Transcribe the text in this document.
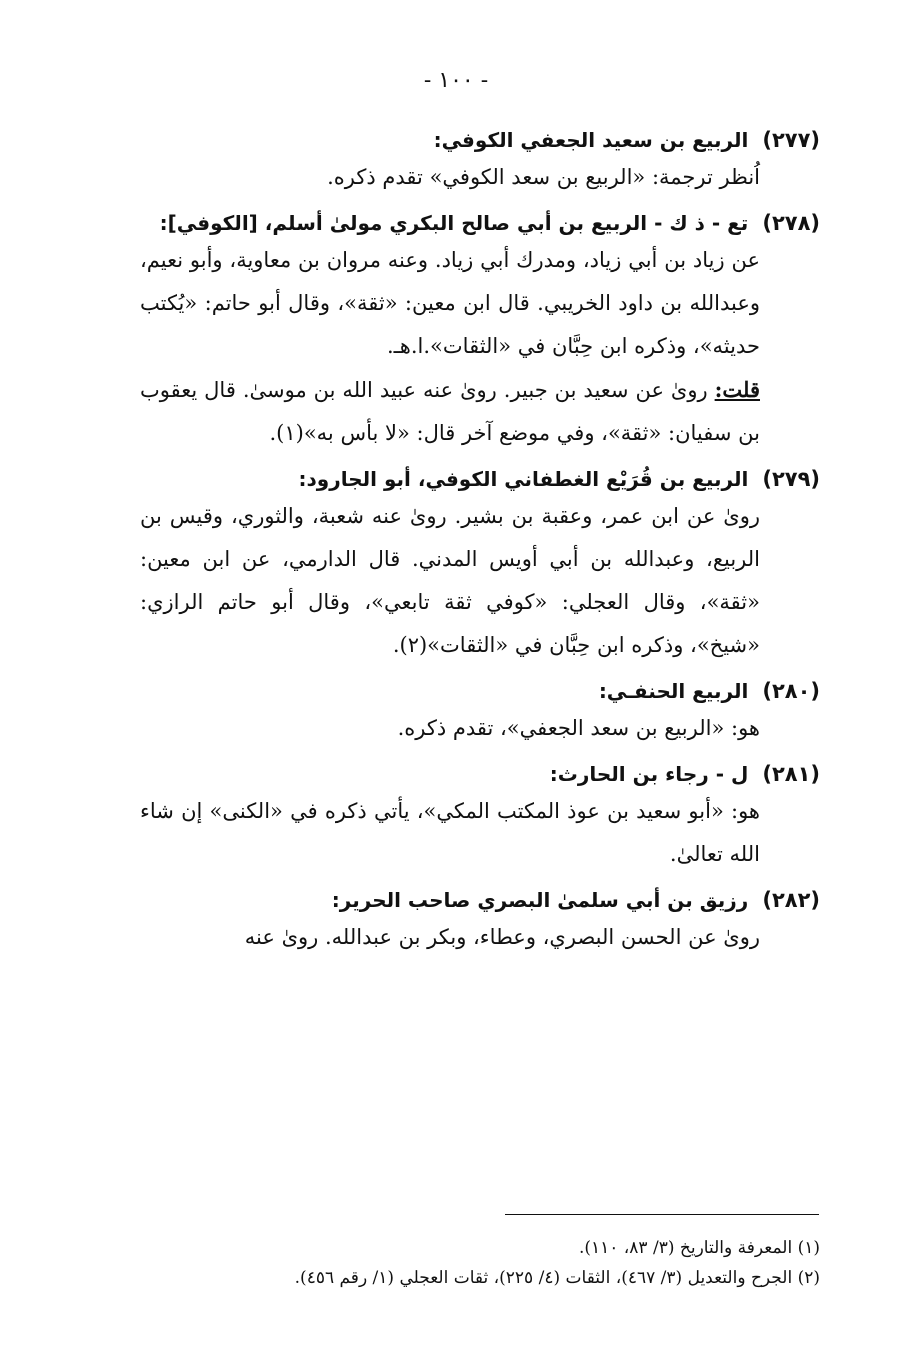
- ١٠٠ -
(٢٧٧)
الربيع بن سعيد الجعفي الكوفي:
اُنظر ترجمة: «الربيع بن سعد الكوفي» تقدم ذكره.
(٢٧٨)
تع - ذ ك - الربيع بن أبي صالح البكري مولىٰ أسلم، [الكوفي]:
عن زياد بن أبي زياد، ومدرك أبي زياد. وعنه مروان بن معاوية، وأبو نعيم، وعبدالله بن داود الخريبي. قال ابن معين: «ثقة»، وقال أبو حاتم: «يُكتب حديثه»، وذكره ابن حِبَّان في «الثقات».ا.هـ.
قلت: روىٰ عن سعيد بن جبير. روىٰ عنه عبيد الله بن موسىٰ. قال يعقوب بن سفيان: «ثقة»، وفي موضع آخر قال: «لا بأس به»(١).
(٢٧٩)
الربيع بن قُرَيْع الغطفاني الكوفي، أبو الجارود:
روىٰ عن ابن عمر، وعقبة بن بشير. روىٰ عنه شعبة، والثوري، وقيس بن الربيع، وعبدالله بن أبي أويس المدني. قال الدارمي، عن ابن معين: «ثقة»، وقال العجلي: «كوفي ثقة تابعي»، وقال أبو حاتم الرازي: «شيخ»، وذكره ابن حِبَّان في «الثقات»(٢).
(٢٨٠)
الربيع الحنفـي:
هو: «الربيع بن سعد الجعفي»، تقدم ذكره.
(٢٨١)
ل - رجاء بن الحارث:
هو: «أبو سعيد بن عوذ المكتب المكي»، يأتي ذكره في «الكنى» إن شاء الله تعالىٰ.
(٢٨٢)
رزيق بن أبي سلمىٰ البصري صاحب الحرير:
روىٰ عن الحسن البصري، وعطاء، وبكر بن عبدالله. روىٰ عنه
(١) المعرفة والتاريخ (٣/ ٨٣، ١١٠).
(٢) الجرح والتعديل (٣/ ٤٦٧)، الثقات (٤/ ٢٢٥)، ثقات العجلي (١/ رقم ٤٥٦).
